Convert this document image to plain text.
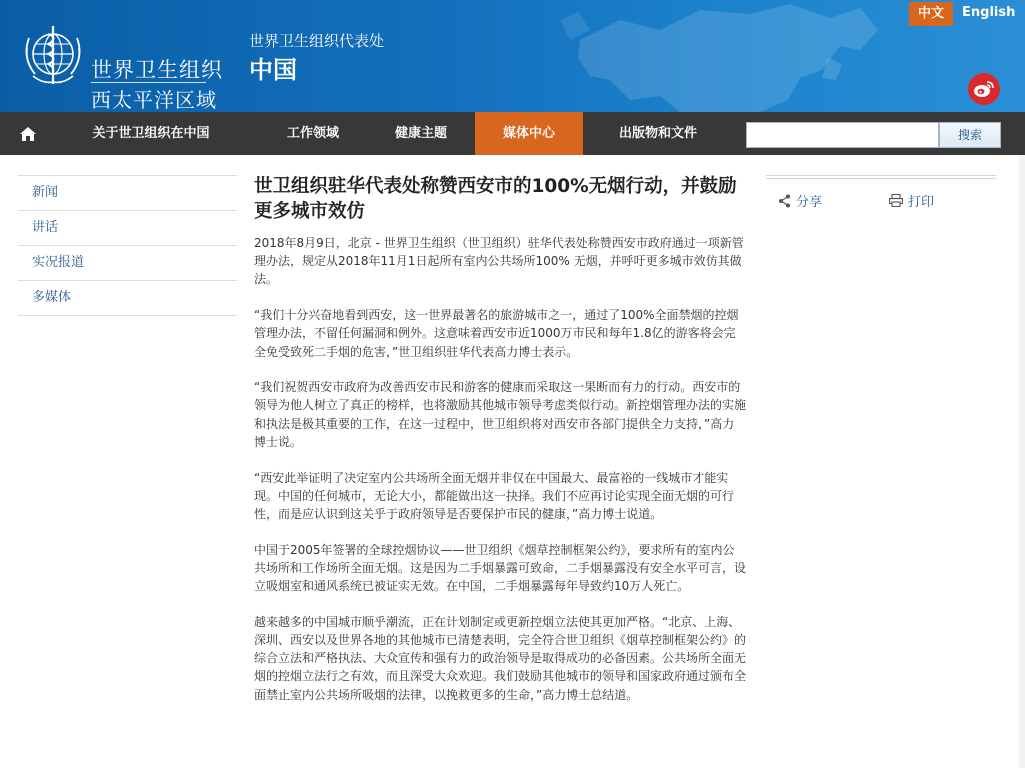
世界卫生组织
西太平洋区域
世界卫生组织代表处
中国
中文	English
关于世卫组织在中国	工作领域	健康主题	媒体中心	出版物和文件	搜索
新闻
讲话
实况报道
多媒体
世卫组织驻华代表处称赞西安市的100%无烟行动，并鼓励更多城市效仿

2018年8月9日，北京 - 世界卫生组织（世卫组织）驻华代表处称赞西安市政府通过一项新管理办法，规定从2018年11月1日起所有室内公共场所100% 无烟，并呼吁更多城市效仿其做法。

“我们十分兴奋地看到西安，这一世界最著名的旅游城市之一，通过了100%全面禁烟的控烟管理办法，不留任何漏洞和例外。这意味着西安市近1000万市民和每年1.8亿的游客将会完全免受致死二手烟的危害，”世卫组织驻华代表高力博士表示。

“我们祝贺西安市政府为改善西安市民和游客的健康而采取这一果断而有力的行动。西安市的领导为他人树立了真正的榜样，也将激励其他城市领导考虑类似行动。新控烟管理办法的实施和执法是极其重要的工作，在这一过程中，世卫组织将对西安市各部门提供全力支持，”高力博士说。

“西安此举证明了决定室内公共场所全面无烟并非仅在中国最大、最富裕的一线城市才能实现。中国的任何城市，无论大小，都能做出这一抉择。我们不应再讨论实现全面无烟的可行性，而是应认识到这关乎于政府领导是否要保护市民的健康，”高力博士说道。

中国于2005年签署的全球控烟协议——世卫组织《烟草控制框架公约》，要求所有的室内公共场所和工作场所全面无烟。这是因为二手烟暴露可致命，二手烟暴露没有安全水平可言，设立吸烟室和通风系统已被证实无效。在中国，二手烟暴露每年导致约10万人死亡。

越来越多的中国城市顺乎潮流，正在计划制定或更新控烟立法使其更加严格。“北京、上海、深圳、西安以及世界各地的其他城市已清楚表明，完全符合世卫组织《烟草控制框架公约》的综合立法和严格执法、大众宣传和强有力的政治领导是取得成功的必备因素。公共场所全面无烟的控烟立法行之有效，而且深受大众欢迎。我们鼓励其他城市的领导和国家政府通过颁布全面禁止室内公共场所吸烟的法律，以挽救更多的生命，”高力博士总结道。

分享	打印
